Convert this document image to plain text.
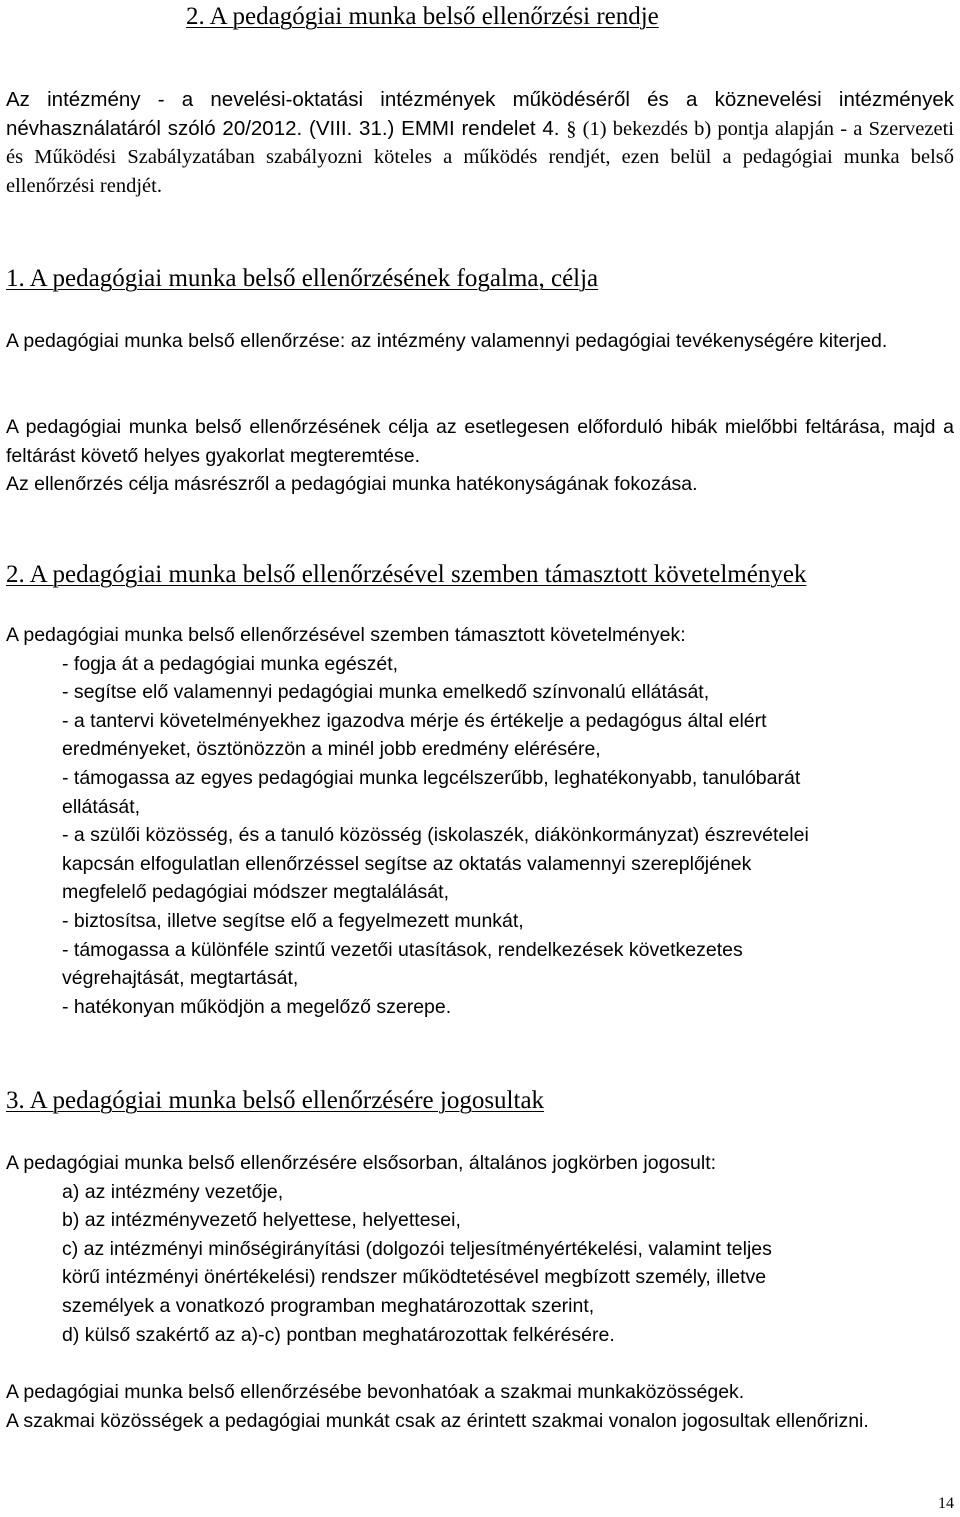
2. A pedagógiai munka belső ellenőrzési rendje
Az intézmény - a nevelési-oktatási intézmények működéséről és a köznevelési intézmények névhasználatáról szóló 20/2012. (VIII. 31.) EMMI rendelet 4. § (1) bekezdés b) pontja alapján - a Szervezeti és Működési Szabályzatában szabályozni köteles a működés rendjét, ezen belül a pedagógiai munka belső ellenőrzési rendjét.
1. A pedagógiai munka belső ellenőrzésének fogalma, célja
A pedagógiai munka belső ellenőrzése: az intézmény valamennyi pedagógiai tevékenységére kiterjed.
A pedagógiai munka belső ellenőrzésének célja az esetlegesen előforduló hibák mielőbbi feltárása, majd a feltárást követő helyes gyakorlat megteremtése.
Az ellenőrzés célja másrészről a pedagógiai munka hatékonyságának fokozása.
2. A pedagógiai munka belső ellenőrzésével szemben támasztott követelmények
A pedagógiai munka belső ellenőrzésével szemben támasztott követelmények:
- fogja át a pedagógiai munka egészét,
- segítse elő valamennyi pedagógiai munka emelkedő színvonalú ellátását,
- a tantervi követelményekhez igazodva mérje és értékelje a pedagógus által elért
eredményeket, ösztönözzön a minél jobb eredmény elérésére,
- támogassa az egyes pedagógiai munka legcélszerűbb, leghatékonyabb, tanulóbarát
ellátását,
- a szülői közösség, és a tanuló közösség (iskolaszék, diákönkormányzat) észrevételei
kapcsán elfogulatlan ellenőrzéssel segítse az oktatás valamennyi szereplőjének
megfelelő pedagógiai módszer megtalálását,
- biztosítsa, illetve segítse elő a fegyelmezett munkát,
- támogassa a különféle szintű vezetői utasítások, rendelkezések következetes
végrehajtását, megtartását,
- hatékonyan működjön a megelőző szerepe.
3. A pedagógiai munka belső ellenőrzésére jogosultak
A pedagógiai munka belső ellenőrzésére elsősorban, általános jogkörben jogosult:
a) az intézmény vezetője,
b) az intézményvezető helyettese, helyettesei,
c) az intézményi minőségirányítási (dolgozói teljesítményértékelési, valamint teljes
körű intézményi önértékelési) rendszer működtetésével megbízott személy, illetve
személyek a vonatkozó programban meghatározottak szerint,
d) külső szakértő az a)-c) pontban meghatározottak felkérésére.
A pedagógiai munka belső ellenőrzésébe bevonhatóak a szakmai munkaközösségek.
A szakmai közösségek a pedagógiai munkát csak az érintett szakmai vonalon jogosultak ellenőrizni.
14
